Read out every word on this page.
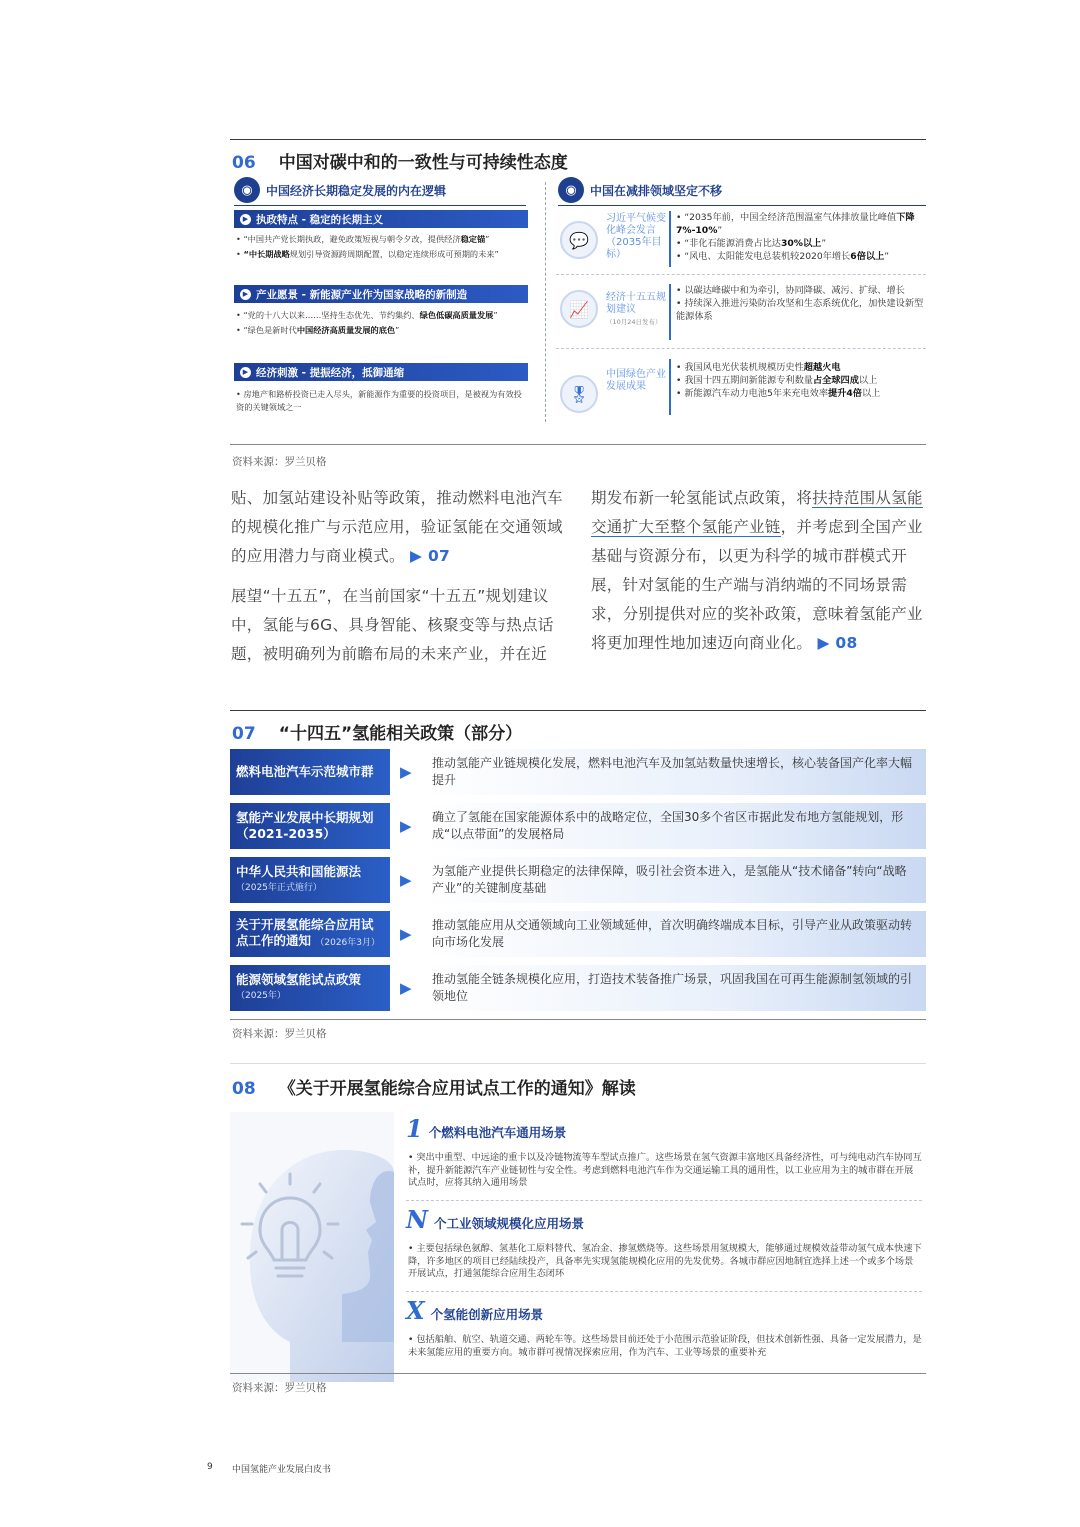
06 中国对碳中和的一致性与可持续性态度
◉	中国经济长期稳定发展的内在逻辑	◉	中国在减排领域坚定不移
▶ 执政特点 - 稳定的长期主义
• “中国共产党长期执政，避免政策短视与朝令夕改，提供经济稳定锚”
• “中长期战略规划引导资源跨周期配置，以稳定连续形成可预期的未来”
▶ 产业愿景 - 新能源产业作为国家战略的新制造
• “党的十八大以来……坚持生态优先、节约集约、绿色低碳高质量发展”
• “绿色是新时代中国经济高质量发展的底色”
▶ 经济刺激 - 提振经济，抵御通缩
• 房地产和路桥投资已走入尽头，新能源作为重要的投资项目，是被视为有效投资的关键领域之一
💬
习近平气候变化峰会发言（2035年目标）
• “2035年前，中国全经济范围温室气体排放量比峰值下降7%-10%”
• “非化石能源消费占比达30%以上”
• “风电、太阳能发电总装机较2020年增长6倍以上”
📈
经济十五五规划建议
（10月24日发布）
• 以碳达峰碳中和为牵引，协同降碳、减污、扩绿、增长
• 持续深入推进污染防治攻坚和生态系统优化，加快建设新型能源体系
🎖
中国绿色产业发展成果
• 我国风电光伏装机规模历史性超越火电
• 我国十四五期间新能源专利数量占全球四成以上
• 新能源汽车动力电池5年来充电效率提升4倍以上
资料来源：罗兰贝格
贴、加氢站建设补贴等政策，推动燃料电池汽车的规模化推广与示范应用，验证氢能在交通领域的应用潜力与商业模式。 ▶ 07
展望“十五五”，在当前国家“十五五”规划建议中，氢能与6G、具身智能、核聚变等与热点话题，被明确列为前瞻布局的未来产业，并在近
期发布新一轮氢能试点政策，将扶持范围从氢能交通扩大至整个氢能产业链，并考虑到全国产业基础与资源分布，以更为科学的城市群模式开展，针对氢能的生产端与消纳端的不同场景需求，分别提供对应的奖补政策，意味着氢能产业将更加理性地加速迈向商业化。 ▶ 08
07 “十四五”氢能相关政策（部分）
燃料电池汽车示范城市群	▶	推动氢能产业链规模化发展，燃料电池汽车及加氢站数量快速增长，核心装备国产化率大幅提升
氢能产业发展中长期规划（2021-2035）	▶	确立了氢能在国家能源体系中的战略定位，全国30多个省区市据此发布地方氢能规划，形成“以点带面”的发展格局
中华人民共和国能源法
（2025年正式施行）	▶	为氢能产业提供长期稳定的法律保障，吸引社会资本进入，是氢能从“技术储备”转向“战略产业”的关键制度基础
关于开展氢能综合应用试点工作的通知 （2026年3月） ▶	推动氢能应用从交通领域向工业领域延伸，首次明确终端成本目标，引导产业从政策驱动转向市场化发展
能源领域氢能试点政策
（2025年）	▶	推动氢能全链条规模化应用，打造技术装备推广场景，巩固我国在可再生能源制氢领域的引领地位
资料来源：罗兰贝格
08 《关于开展氢能综合应用试点工作的通知》解读
1 个燃料电池汽车通用场景
• 突出中重型、中远途的重卡以及冷链物流等车型试点推广。这些场景在氢气资源丰富地区具备经济性，可与纯电动汽车协同互补，提升新能源汽车产业链韧性与安全性。考虑到燃料电池汽车作为交通运输工具的通用性，以工业应用为主的城市群在开展试点时，应将其纳入通用场景
N 个工业领域规模化应用场景
• 主要包括绿色氨醇、氢基化工原料替代、氢冶金、掺氢燃烧等。这些场景用氢规模大，能够通过规模效益带动氢气成本快速下降，许多地区的项目已经陆续投产，具备率先实现氢能规模化应用的先发优势。各城市群应因地制宜选择上述一个或多个场景开展试点，打通氢能综合应用生态闭环
X 个氢能创新应用场景
• 包括船舶、航空、轨道交通、两轮车等。这些场景目前还处于小范围示范验证阶段，但技术创新性强、具备一定发展潜力，是未来氢能应用的重要方向。城市群可视情况探索应用，作为汽车、工业等场景的重要补充
资料来源：罗兰贝格
9 中国氢能产业发展白皮书
